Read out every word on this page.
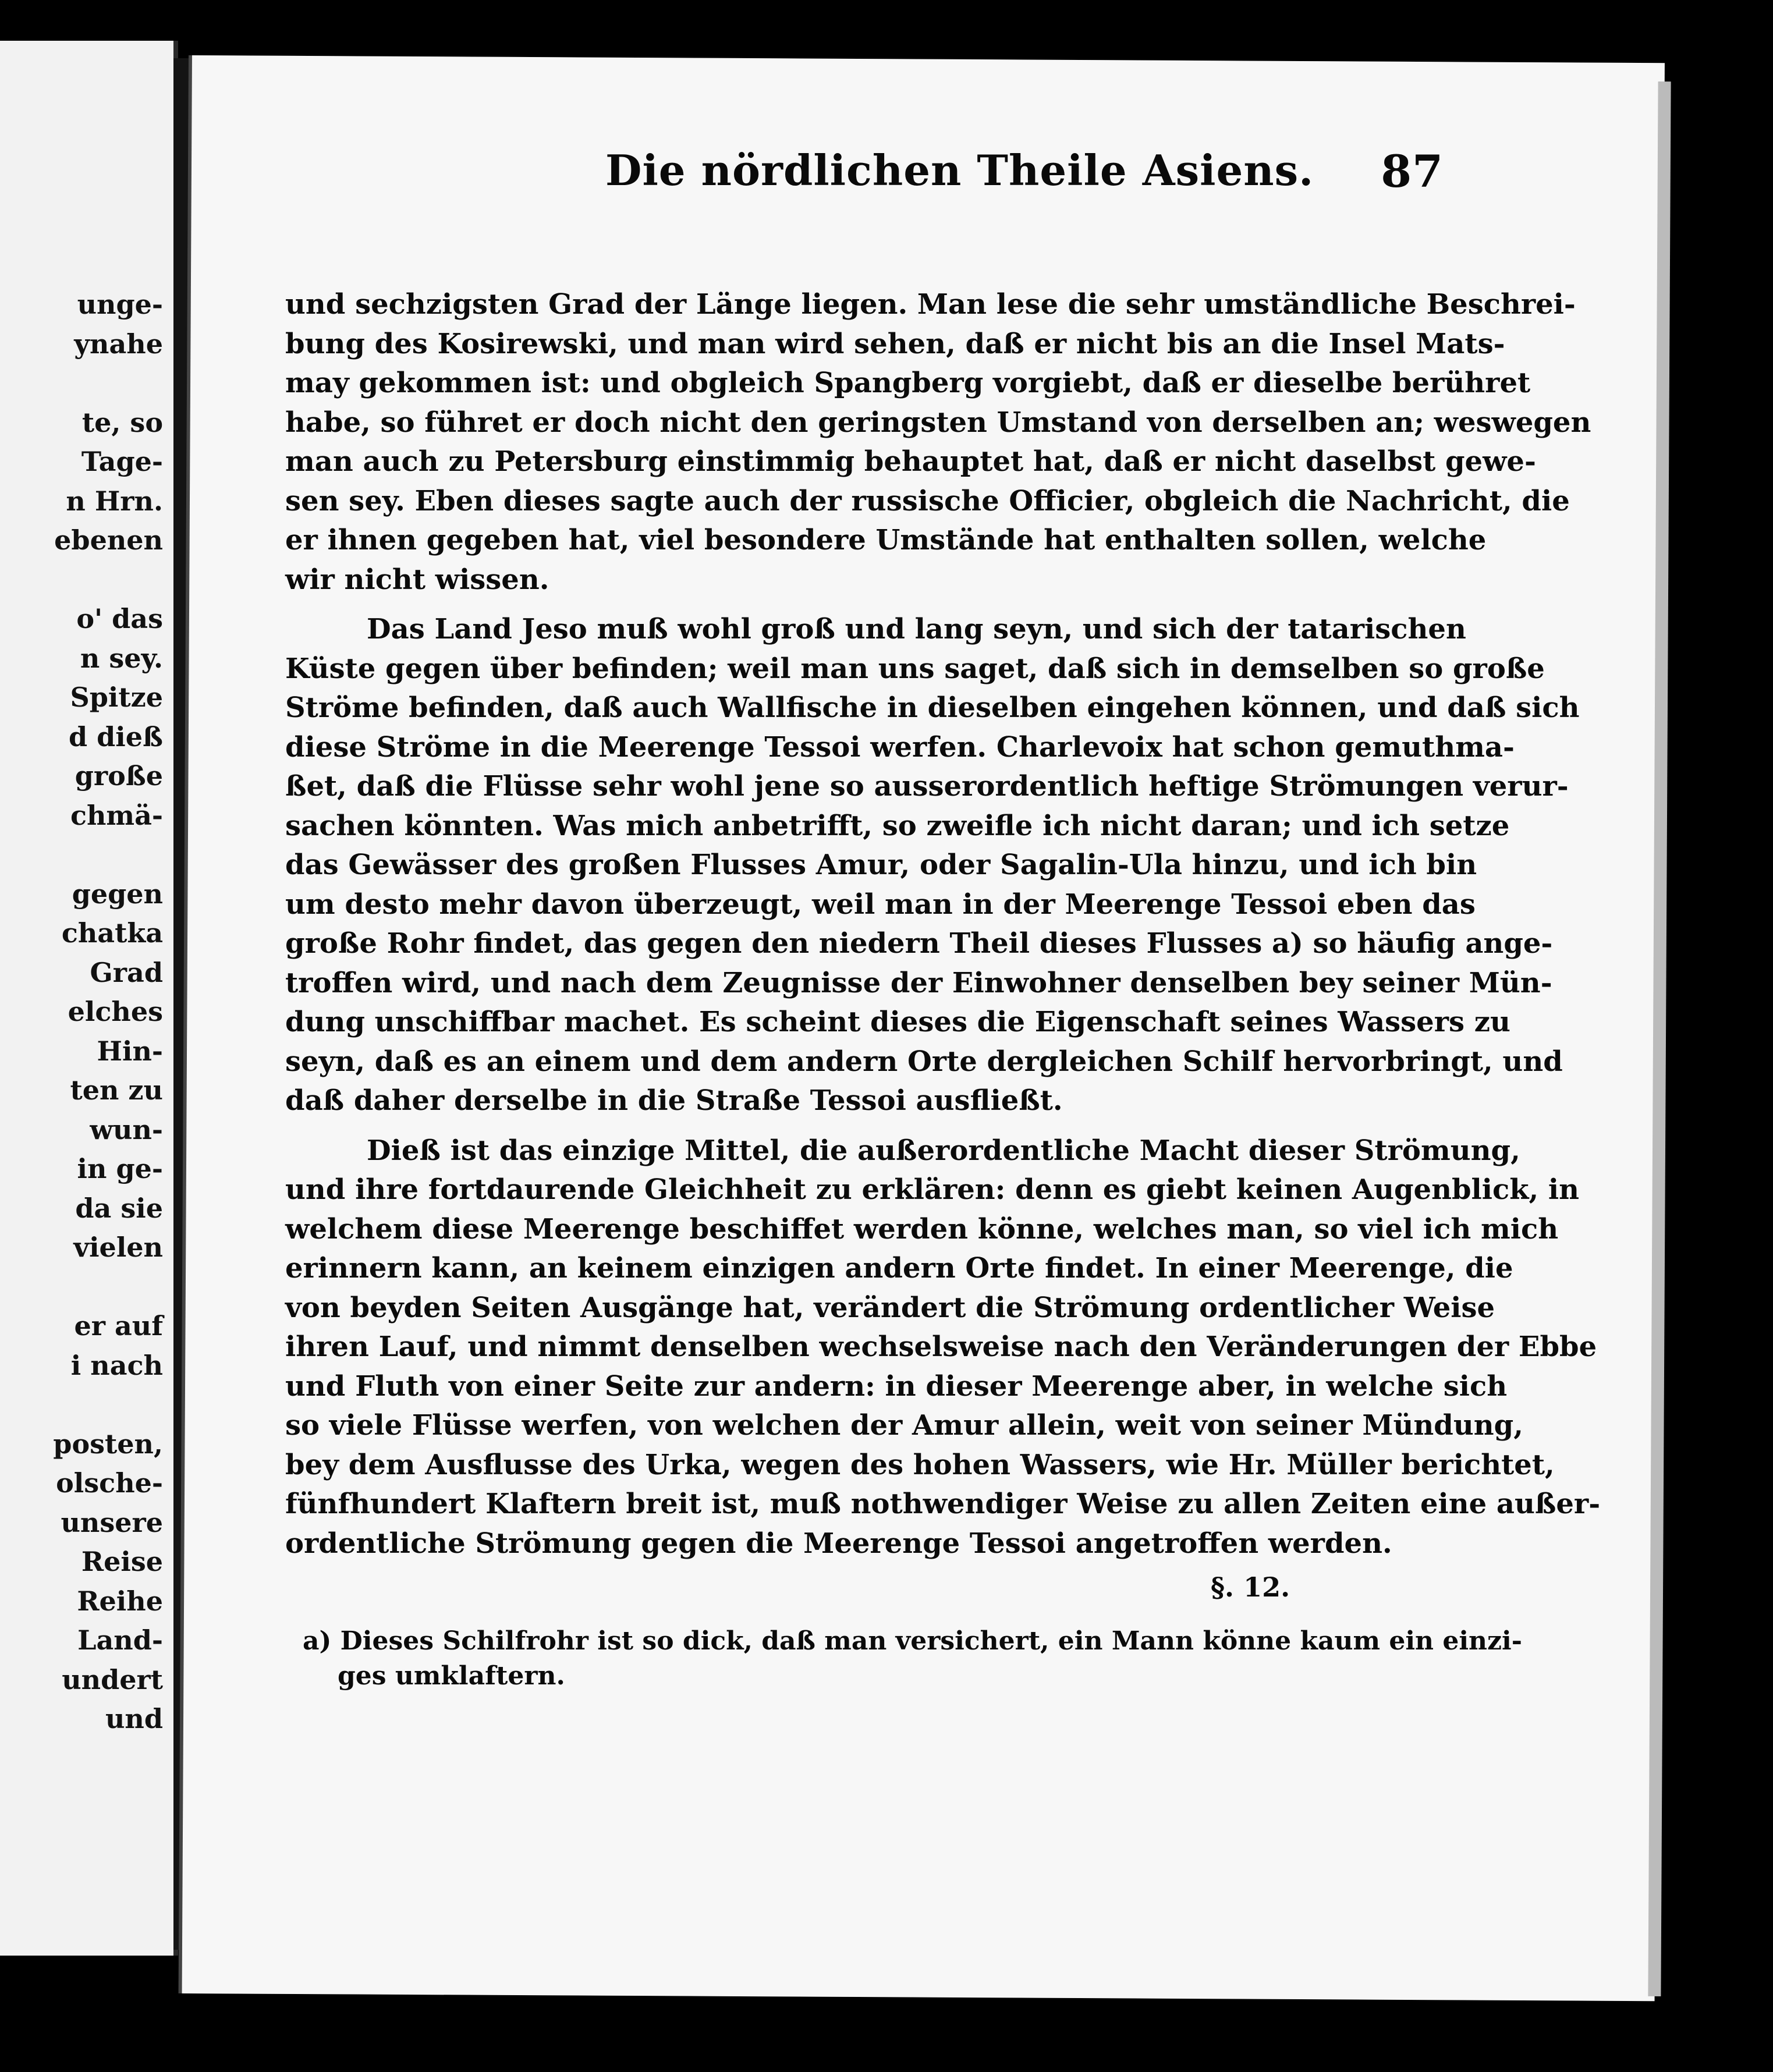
unge-
ynahe
te, so
Tage-
n Hrn.
ebenen
o' das
n sey.
Spitze
d dieß
große
chmä-
gegen
chatka
Grad
elches
Hin-
ten zu
wun-
in ge-
da sie
vielen
er auf
i nach
posten,
olsche-
unsere
Reise
Reihe
Land-
undert
und
Die nördlichen Theile Asiens. 87
und sechzigsten Grad der Länge liegen. Man lese die sehr umständliche Beschrei-
bung des Kosirewski, und man wird sehen, daß er nicht bis an die Insel Mats-
may gekommen ist: und obgleich Spangberg vorgiebt, daß er dieselbe berühret
habe, so führet er doch nicht den geringsten Umstand von derselben an; weswegen
man auch zu Petersburg einstimmig behauptet hat, daß er nicht daselbst gewe-
sen sey. Eben dieses sagte auch der russische Officier, obgleich die Nachricht, die
er ihnen gegeben hat, viel besondere Umstände hat enthalten sollen, welche
wir nicht wissen.
Das Land Jeso muß wohl groß und lang seyn, und sich der tatarischen
Küste gegen über befinden; weil man uns saget, daß sich in demselben so große
Ströme befinden, daß auch Wallfische in dieselben eingehen können, und daß sich
diese Ströme in die Meerenge Tessoi werfen. Charlevoix hat schon gemuthma-
ßet, daß die Flüsse sehr wohl jene so ausserordentlich heftige Strömungen verur-
sachen könnten. Was mich anbetrifft, so zweifle ich nicht daran; und ich setze
das Gewässer des großen Flusses Amur, oder Sagalin-Ula hinzu, und ich bin
um desto mehr davon überzeugt, weil man in der Meerenge Tessoi eben das
große Rohr findet, das gegen den niedern Theil dieses Flusses a) so häufig ange-
troffen wird, und nach dem Zeugnisse der Einwohner denselben bey seiner Mün-
dung unschiffbar machet. Es scheint dieses die Eigenschaft seines Wassers zu
seyn, daß es an einem und dem andern Orte dergleichen Schilf hervorbringt, und
daß daher derselbe in die Straße Tessoi ausfließt.
Dieß ist das einzige Mittel, die außerordentliche Macht dieser Strömung,
und ihre fortdaurende Gleichheit zu erklären: denn es giebt keinen Augenblick, in
welchem diese Meerenge beschiffet werden könne, welches man, so viel ich mich
erinnern kann, an keinem einzigen andern Orte findet. In einer Meerenge, die
von beyden Seiten Ausgänge hat, verändert die Strömung ordentlicher Weise
ihren Lauf, und nimmt denselben wechselsweise nach den Veränderungen der Ebbe
und Fluth von einer Seite zur andern: in dieser Meerenge aber, in welche sich
so viele Flüsse werfen, von welchen der Amur allein, weit von seiner Mündung,
bey dem Ausflusse des Urka, wegen des hohen Wassers, wie Hr. Müller berichtet,
fünfhundert Klaftern breit ist, muß nothwendiger Weise zu allen Zeiten eine außer-
ordentliche Strömung gegen die Meerenge Tessoi angetroffen werden.
§. 12.
a) Dieses Schilfrohr ist so dick, daß man versichert, ein Mann könne kaum ein einzi-
ges umklaftern.
